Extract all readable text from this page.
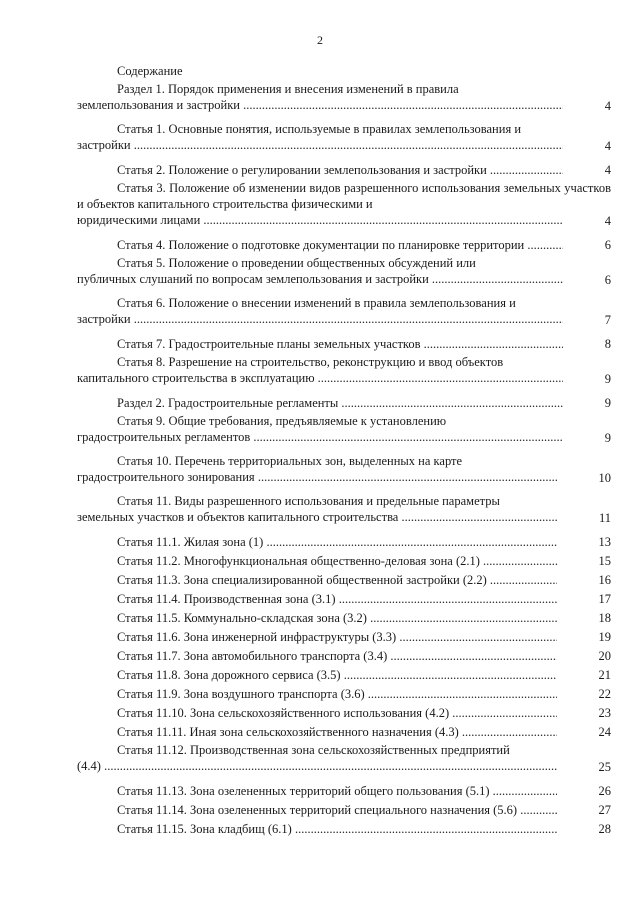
2
Содержание
Раздел 1. Порядок применения и внесения изменений в правила
землепользования и застройки .....	4
Статья 1. Основные понятия, используемые в правилах землепользования и
застройки .....	4
Статья 2. Положение о регулировании землепользования и застройки .....	4
Статья 3. Положение об изменении видов разрешенного использования земельных участков и объектов капитального строительства физическими и
юридическими лицами .....	4
Статья 4. Положение о подготовке документации по планировке территории .....	6
Статья 5. Положение о проведении общественных обсуждений или
публичных слушаний по вопросам землепользования и застройки .....	6
Статья 6. Положение о внесении изменений в правила землепользования и
застройки .....	7
Статья 7. Градостроительные планы земельных участков .....	8
Статья 8. Разрешение на строительство, реконструкцию и ввод объектов
капитального строительства в эксплуатацию .....	9
Раздел 2. Градостроительные регламенты .....	9
Статья 9. Общие требования, предъявляемые к установлению
градостроительных регламентов .....	9
Статья 10. Перечень территориальных зон, выделенных на карте
градостроительного зонирования .....	10
Статья 11. Виды разрешенного использования и предельные параметры
земельных участков и объектов капитального строительства .....	11
Статья 11.1. Жилая зона (1) .....	13
Статья 11.2. Многофункциональная общественно-деловая зона (2.1) .....	15
Статья 11.3. Зона специализированной общественной застройки (2.2) .....	16
Статья 11.4. Производственная зона (3.1) .....	17
Статья 11.5. Коммунально-складская зона (3.2) .....	18
Статья 11.6. Зона инженерной инфраструктуры (3.3) .....	19
Статья 11.7. Зона автомобильного транспорта (3.4) .....	20
Статья 11.8. Зона дорожного сервиса (3.5) .....	21
Статья 11.9. Зона воздушного транспорта (3.6) .....	22
Статья 11.10. Зона сельскохозяйственного использования (4.2) .....	23
Статья 11.11. Иная зона сельскохозяйственного назначения (4.3) .....	24
Статья 11.12. Производственная зона сельскохозяйственных предприятий
(4.4) .....	25
Статья 11.13. Зона озелененных территорий общего пользования (5.1) .....	26
Статья 11.14. Зона озелененных территорий специального назначения (5.6) .....	27
Статья 11.15. Зона кладбищ (6.1) .....	28
